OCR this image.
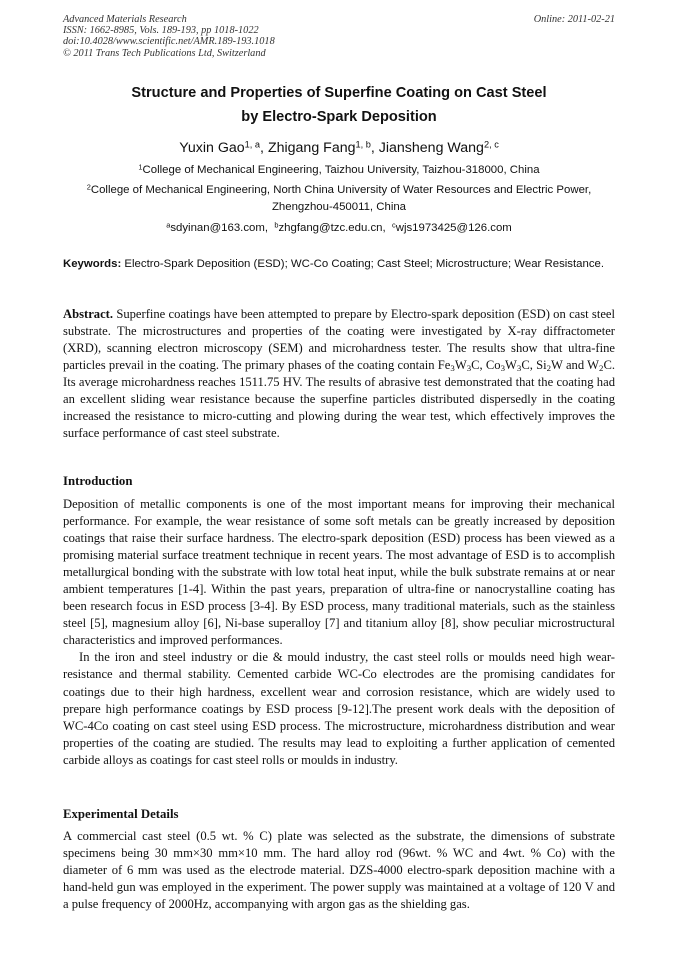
Advanced Materials Research
ISSN: 1662-8985, Vols. 189-193, pp 1018-1022
doi:10.4028/www.scientific.net/AMR.189-193.1018
© 2011 Trans Tech Publications Ltd, Switzerland
Online: 2011-02-21
Structure and Properties of Superfine Coating on Cast Steel
by Electro-Spark Deposition
Yuxin Gao$^{1, a}$, Zhigang Fang$^{1, b}$, Jiansheng Wang$^{2, c}$
$^1$College of Mechanical Engineering, Taizhou University, Taizhou-318000, China
$^2$College of Mechanical Engineering, North China University of Water Resources and Electric Power,
Zhengzhou-450011, China
$^a$sdyinan@163.com, $^b$zhgfang@tzc.edu.cn, $^c$wjs1973425@126.com
Keywords: Electro-Spark Deposition (ESD); WC-Co Coating; Cast Steel; Microstructure; Wear Resistance.

Abstract. Superfine coatings have been attempted to prepare by Electro-spark deposition (ESD) on cast steel substrate. The microstructures and properties of the coating were investigated by X-ray diffractometer (XRD), scanning electron microscopy (SEM) and microhardness tester. The results show that ultra-fine particles prevail in the coating. The primary phases of the coating contain $Fe_3W_3C$, $Co_3W_3C$, $Si_2W$ and $W_2C$. Its average microhardness reaches 1511.75 HV. The results of abrasive test demonstrated that the coating had an excellent sliding wear resistance because the superfine particles distributed dispersedly in the coating increased the resistance to micro-cutting and plowing during the wear test, which effectively improves the surface performance of cast steel substrate.

Introduction

Deposition of metallic components is one of the most important means for improving their mechanical performance. For example, the wear resistance of some soft metals can be greatly increased by deposition coatings that raise their surface hardness. The electro-spark deposition (ESD) process has been viewed as a promising material surface treatment technique in recent years. The most advantage of ESD is to accomplish metallurgical bonding with the substrate with low total heat input, while the bulk substrate remains at or near ambient temperatures [1-4]. Within the past years, preparation of ultra-fine or nanocrystalline coating has been research focus in ESD process [3-4]. By ESD process, many traditional materials, such as the stainless steel [5], magnesium alloy [6], Ni-base superalloy [7] and titanium alloy [8], show peculiar microstructural characteristics and improved performances.

In the iron and steel industry or die & mould industry, the cast steel rolls or moulds need high wear-resistance and thermal stability. Cemented carbide WC-Co electrodes are the promising candidates for coatings due to their high hardness, excellent wear and corrosion resistance, which are widely used to prepare high performance coatings by ESD process [9-12].The present work deals with the deposition of WC-4Co coating on cast steel using ESD process. The microstructure, microhardness distribution and wear properties of the coating are studied. The results may lead to exploiting a further application of cemented carbide alloys as coatings for cast steel rolls or moulds in industry.

Experimental Details

A commercial cast steel (0.5 wt. % C) plate was selected as the substrate, the dimensions of substrate specimens being 30 mm×30 mm×10 mm. The hard alloy rod (96wt. % WC and 4wt. % Co) with the diameter of 6 mm was used as the electrode material. DZS-4000 electro-spark deposition machine with a hand-held gun was employed in the experiment. The power supply was maintained at a voltage of 120 V and a pulse frequency of 2000Hz, accompanying with argon gas as the shielding gas.
